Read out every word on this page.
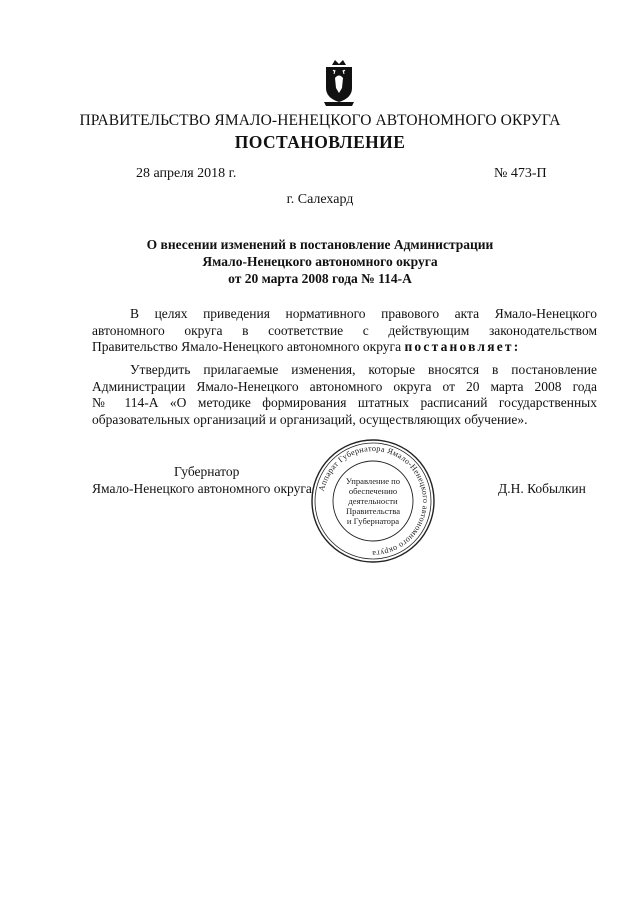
ПРАВИТЕЛЬСТВО ЯМАЛО-НЕНЕЦКОГО АВТОНОМНОГО ОКРУГА
ПОСТАНОВЛЕНИЕ
28 апреля 2018 г.	№ 473-П
г. Салехард
О внесении изменений в постановление Администрации
Ямало-Ненецкого автономного округа
от 20 марта 2008 года № 114-А
В целях приведения нормативного правового акта Ямало-Ненецкого
автономного округа в соответствие с действующим законодательством
Правительство Ямало-Ненецкого автономного округа постановляет:
Утвердить прилагаемые изменения, которые вносятся в постановление
Администрации Ямало-Ненецкого автономного округа от 20 марта 2008 года
№ 114-А «О методике формирования штатных расписаний государственных
образовательных организаций и организаций, осуществляющих обучение».
Губернатор
Ямало-Ненецкого автономного округа	Д.Н. Кобылкин
Аппарат Губернатора Ямало-Ненецкого автономного округа
Управление по
обеспечению
деятельности
Правительства
и Губернатора
